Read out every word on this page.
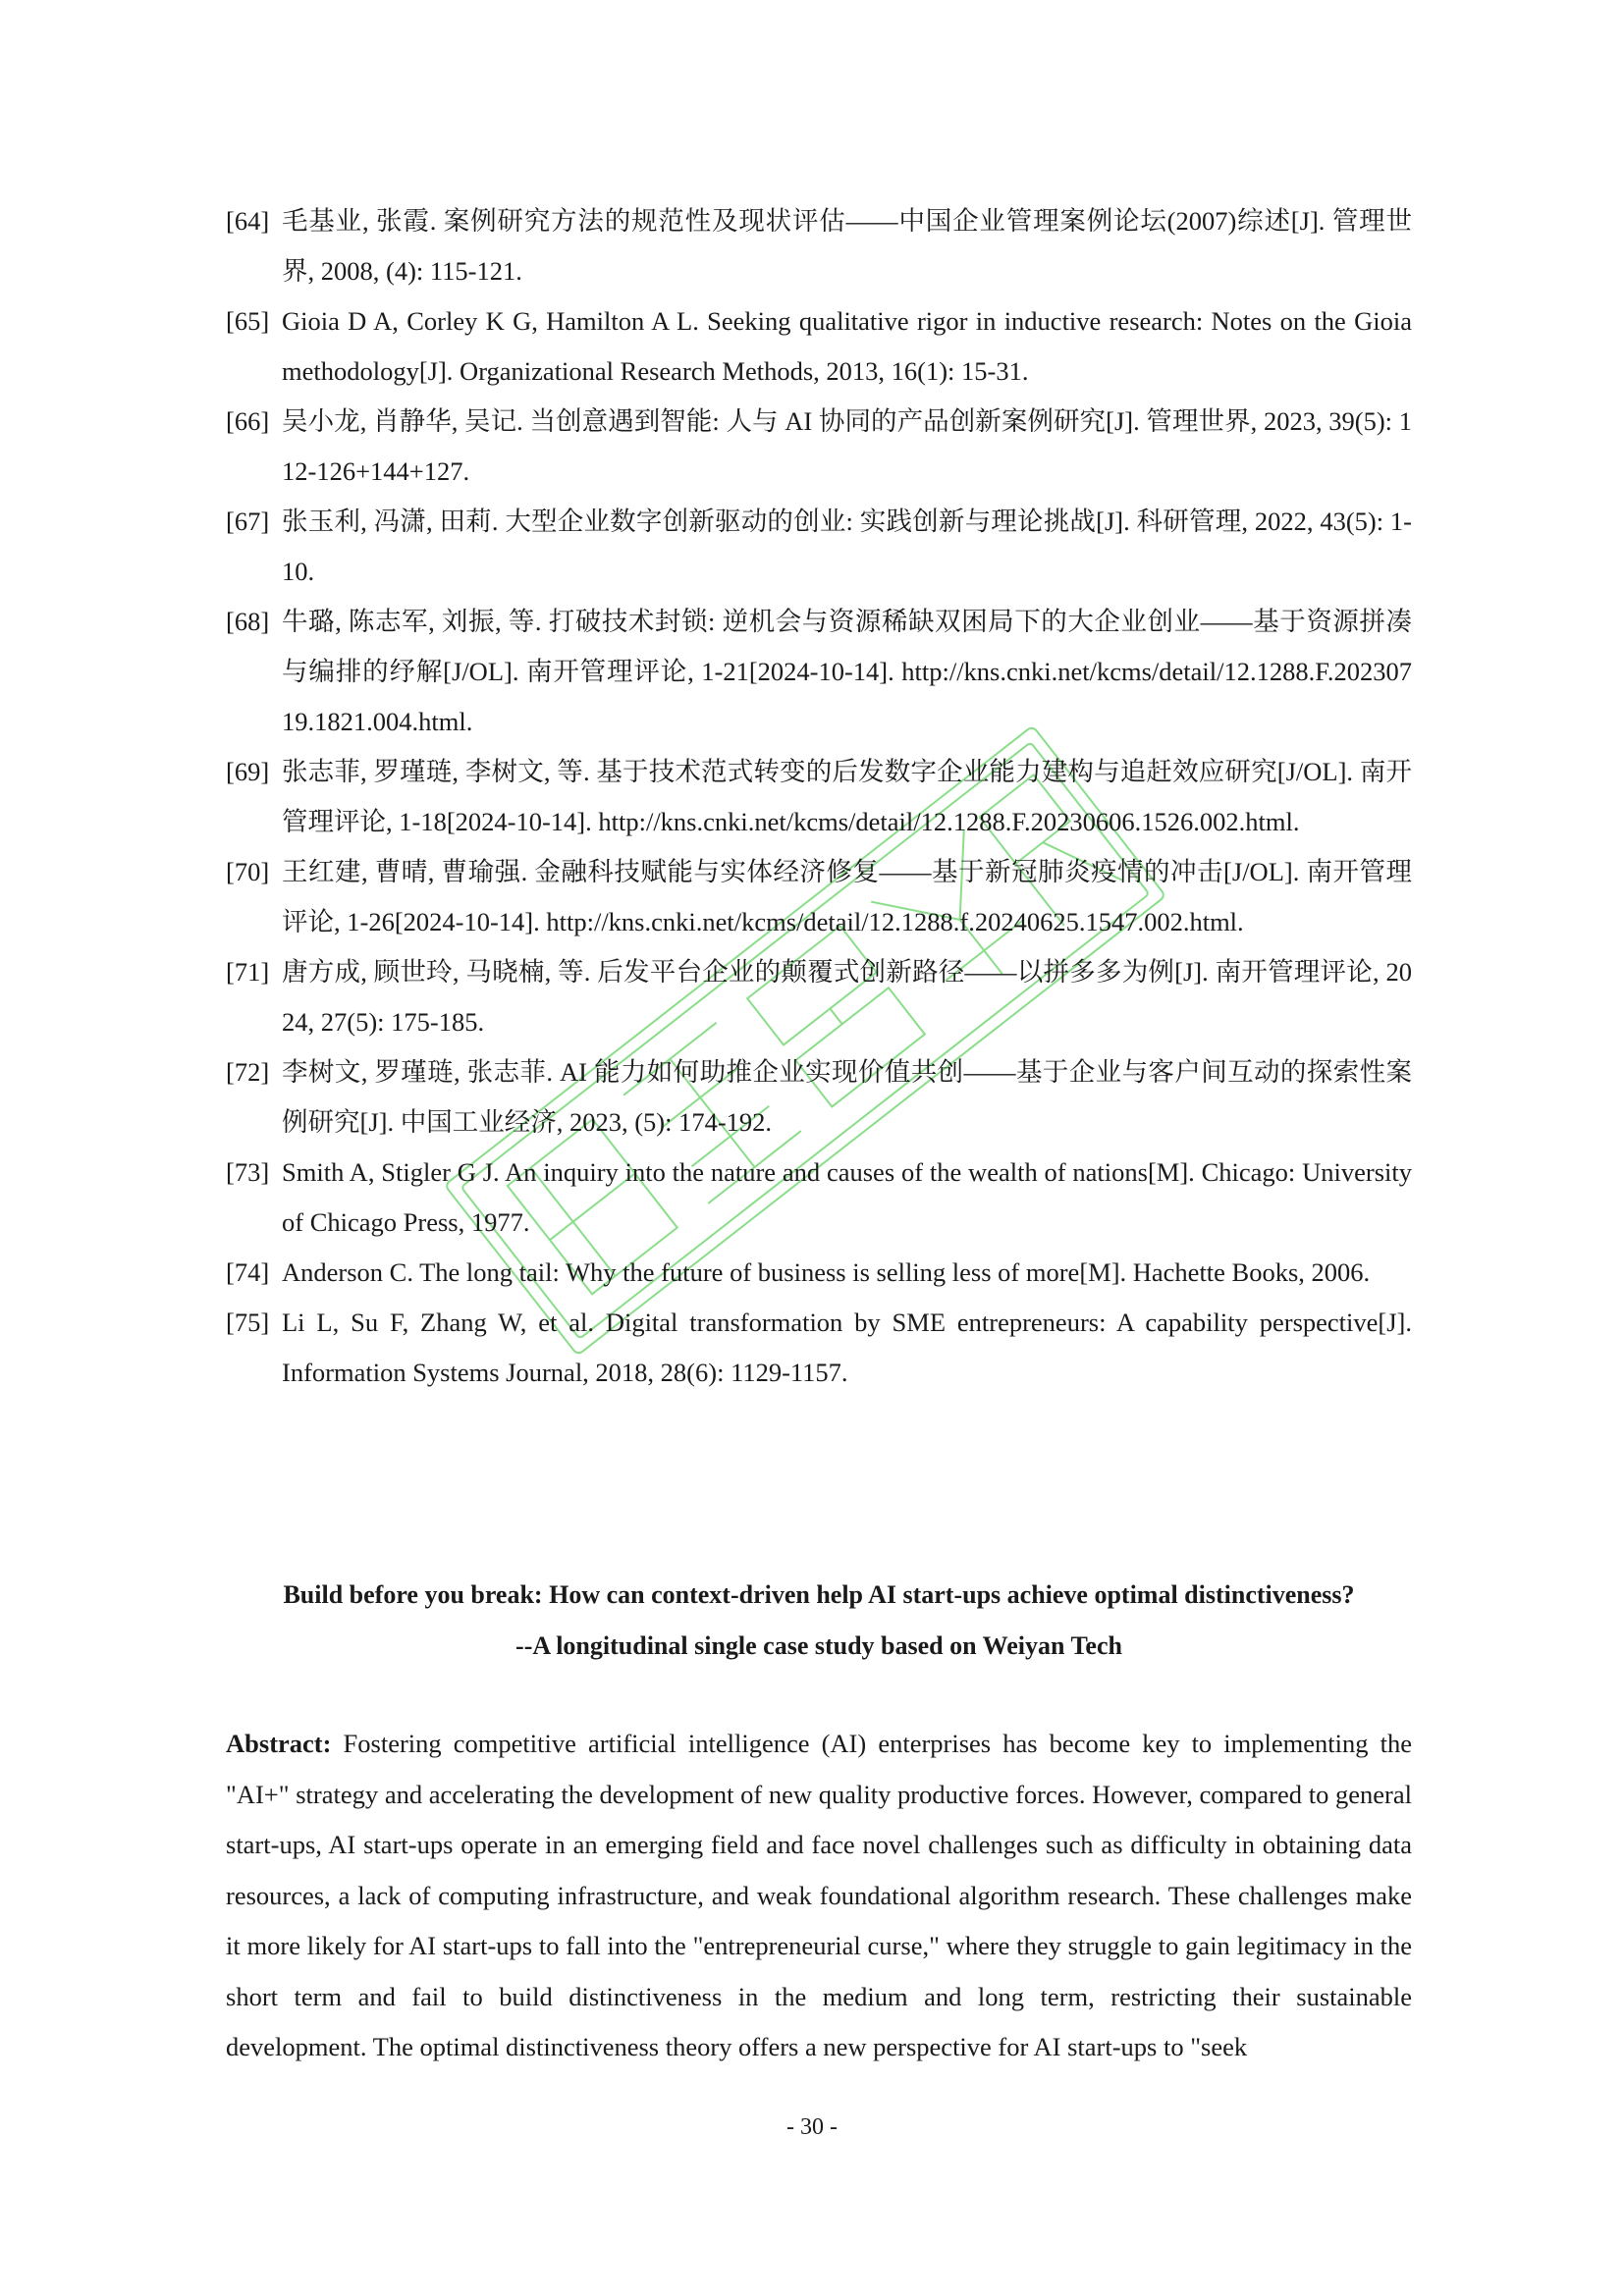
[64] 毛基业, 张霞. 案例研究方法的规范性及现状评估——中国企业管理案例论坛(2007)综述[J]. 管理世界, 2008, (4): 115-121.
[65] Gioia D A, Corley K G, Hamilton A L. Seeking qualitative rigor in inductive research: Notes on the Gioia methodology[J]. Organizational Research Methods, 2013, 16(1): 15-31.
[66] 吴小龙, 肖静华, 吴记. 当创意遇到智能: 人与 AI 协同的产品创新案例研究[J]. 管理世界, 2023, 39(5): 112-126+144+127.
[67] 张玉利, 冯潇, 田莉. 大型企业数字创新驱动的创业: 实践创新与理论挑战[J]. 科研管理, 2022, 43(5): 1-10.
[68] 牛璐, 陈志军, 刘振, 等. 打破技术封锁: 逆机会与资源稀缺双困局下的大企业创业——基于资源拼凑与编排的纾解[J/OL]. 南开管理评论, 1-21[2024-10-14]. http://kns.cnki.net/kcms/detail/12.1288.F.20230719.1821.004.html.
[69] 张志菲, 罗瑾琏, 李树文, 等. 基于技术范式转变的后发数字企业能力建构与追赶效应研究[J/OL]. 南开管理评论, 1-18[2024-10-14]. http://kns.cnki.net/kcms/detail/12.1288.F.20230606.1526.002.html.
[70] 王红建, 曹晴, 曹瑜强. 金融科技赋能与实体经济修复——基于新冠肺炎疫情的冲击[J/OL]. 南开管理评论, 1-26[2024-10-14]. http://kns.cnki.net/kcms/detail/12.1288.f.20240625.1547.002.html.
[71] 唐方成, 顾世玲, 马晓楠, 等. 后发平台企业的颠覆式创新路径——以拼多多为例[J]. 南开管理评论, 2024, 27(5): 175-185.
[72] 李树文, 罗瑾琏, 张志菲. AI 能力如何助推企业实现价值共创——基于企业与客户间互动的探索性案例研究[J]. 中国工业经济, 2023, (5): 174-192.
[73] Smith A, Stigler G J. An inquiry into the nature and causes of the wealth of nations[M]. Chicago: University of Chicago Press, 1977.
[74] Anderson C. The long tail: Why the future of business is selling less of more[M]. Hachette Books, 2006.
[75] Li L, Su F, Zhang W, et al. Digital transformation by SME entrepreneurs: A capability perspective[J]. Information Systems Journal, 2018, 28(6): 1129-1157.
Build before you break: How can context-driven help AI start-ups achieve optimal distinctiveness?
--A longitudinal single case study based on Weiyan Tech

Abstract: Fostering competitive artificial intelligence (AI) enterprises has become key to implementing the "AI+" strategy and accelerating the development of new quality productive forces. However, compared to general start-ups, AI start-ups operate in an emerging field and face novel challenges such as difficulty in obtaining data resources, a lack of computing infrastructure, and weak foundational algorithm research. These challenges make it more likely for AI start-ups to fall into the "entrepreneurial curse," where they struggle to gain legitimacy in the short term and fail to build distinctiveness in the medium and long term, restricting their sustainable development. The optimal distinctiveness theory offers a new perspective for AI start-ups to "seek

- 30 -
